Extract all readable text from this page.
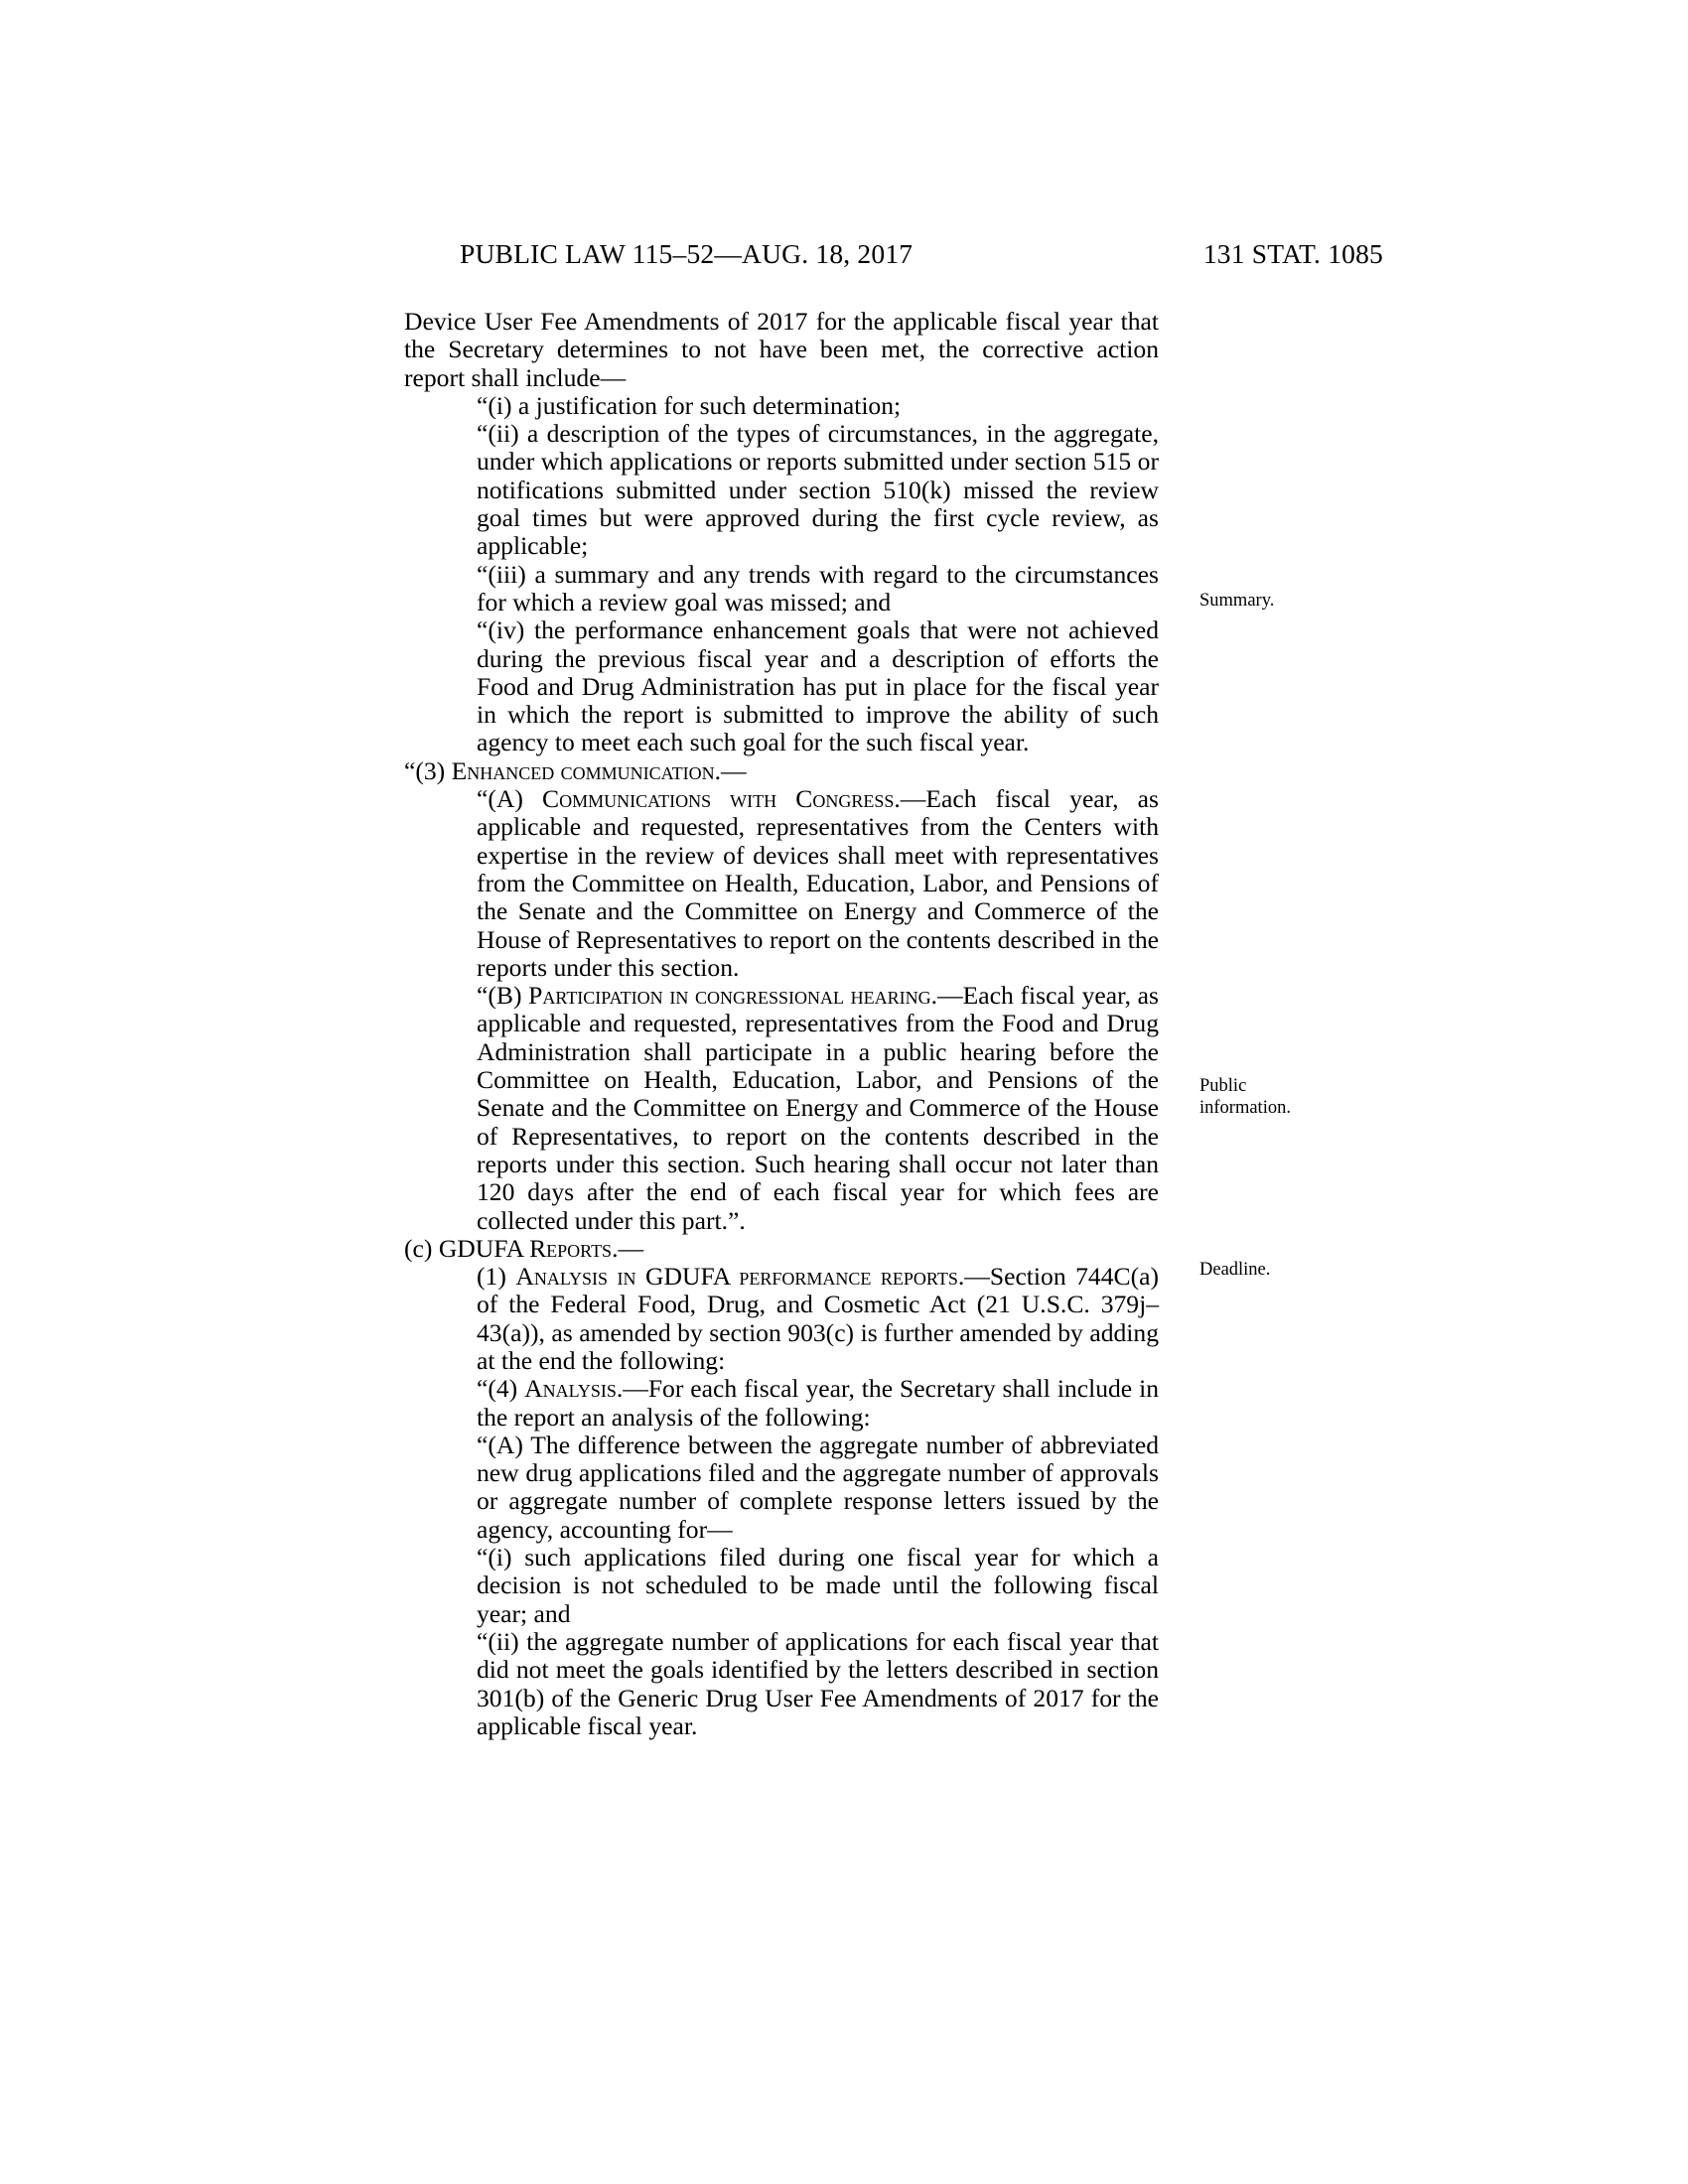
PUBLIC LAW 115–52—AUG. 18, 2017	131 STAT. 1085

Device User Fee Amendments of 2017 for the applicable fiscal year that the Secretary determines to not have been met, the corrective action report shall include—

“(i) a justification for such determination;

“(ii) a description of the types of circumstances, in the aggregate, under which applications or reports submitted under section 515 or notifications submitted under section 510(k) missed the review goal times but were approved during the first cycle review, as applicable;

“(iii) a summary and any trends with regard to the circumstances for which a review goal was missed; and

“(iv) the performance enhancement goals that were not achieved during the previous fiscal year and a description of efforts the Food and Drug Administration has put in place for the fiscal year in which the report is submitted to improve the ability of such agency to meet each such goal for the such fiscal year.

“(3) Enhanced communication.—

“(A) Communications with Congress.—Each fiscal year, as applicable and requested, representatives from the Centers with expertise in the review of devices shall meet with representatives from the Committee on Health, Education, Labor, and Pensions of the Senate and the Committee on Energy and Commerce of the House of Representatives to report on the contents described in the reports under this section.

“(B) Participation in congressional hearing.—Each fiscal year, as applicable and requested, representatives from the Food and Drug Administration shall participate in a public hearing before the Committee on Health, Education, Labor, and Pensions of the Senate and the Committee on Energy and Commerce of the House of Representatives, to report on the contents described in the reports under this section. Such hearing shall occur not later than 120 days after the end of each fiscal year for which fees are collected under this part.”.

(c) GDUFA Reports.—

(1) Analysis in GDUFA performance reports.—Section 744C(a) of the Federal Food, Drug, and Cosmetic Act (21 U.S.C. 379j–43(a)), as amended by section 903(c) is further amended by adding at the end the following:

“(4) Analysis.—For each fiscal year, the Secretary shall include in the report an analysis of the following:

“(A) The difference between the aggregate number of abbreviated new drug applications filed and the aggregate number of approvals or aggregate number of complete response letters issued by the agency, accounting for—

“(i) such applications filed during one fiscal year for which a decision is not scheduled to be made until the following fiscal year; and

“(ii) the aggregate number of applications for each fiscal year that did not meet the goals identified by the letters described in section 301(b) of the Generic Drug User Fee Amendments of 2017 for the applicable fiscal year.

Summary.
Public
information.
Deadline.
